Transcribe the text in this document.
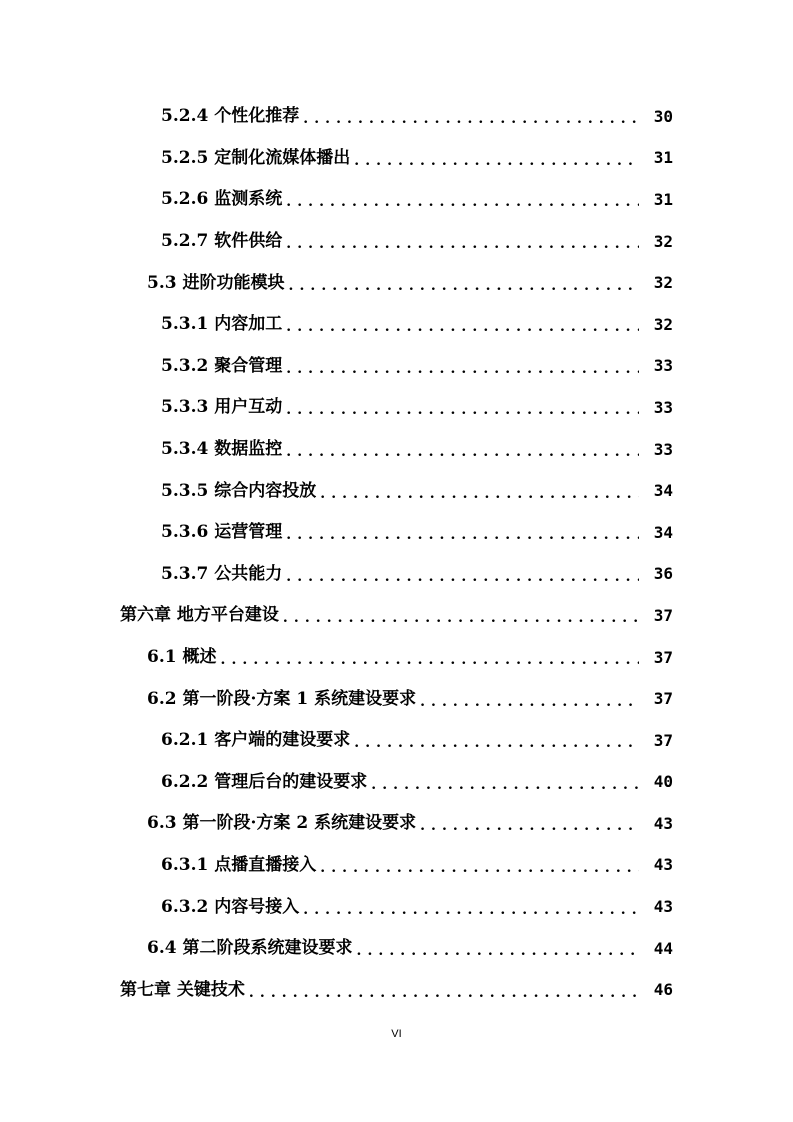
5.2.4 个性化推荐 . . .	30
5.2.5 定制化流媒体播出 . . .	31
5.2.6 监测系统 . . .	31
5.2.7 软件供给 . . .	32
5.3 进阶功能模块 . . .	32
5.3.1 内容加工 . . .	32
5.3.2 聚合管理 . . .	33
5.3.3 用户互动 . . .	33
5.3.4 数据监控 . . .	33
5.3.5 综合内容投放 . . .	34
5.3.6 运营管理 . . .	34
5.3.7 公共能力 . . .	36
第六章 地方平台建设 . . .	37
6.1 概述 . . .	37
6.2 第一阶段·方案 1 系统建设要求 . . .	37
6.2.1 客户端的建设要求 . . .	37
6.2.2 管理后台的建设要求 . . .	40
6.3 第一阶段·方案 2 系统建设要求 . . .	43
6.3.1 点播直播接入 . . .	43
6.3.2 内容号接入 . . .	43
6.4 第二阶段系统建设要求 . . .	44
第七章 关键技术 . . .	46
VI
